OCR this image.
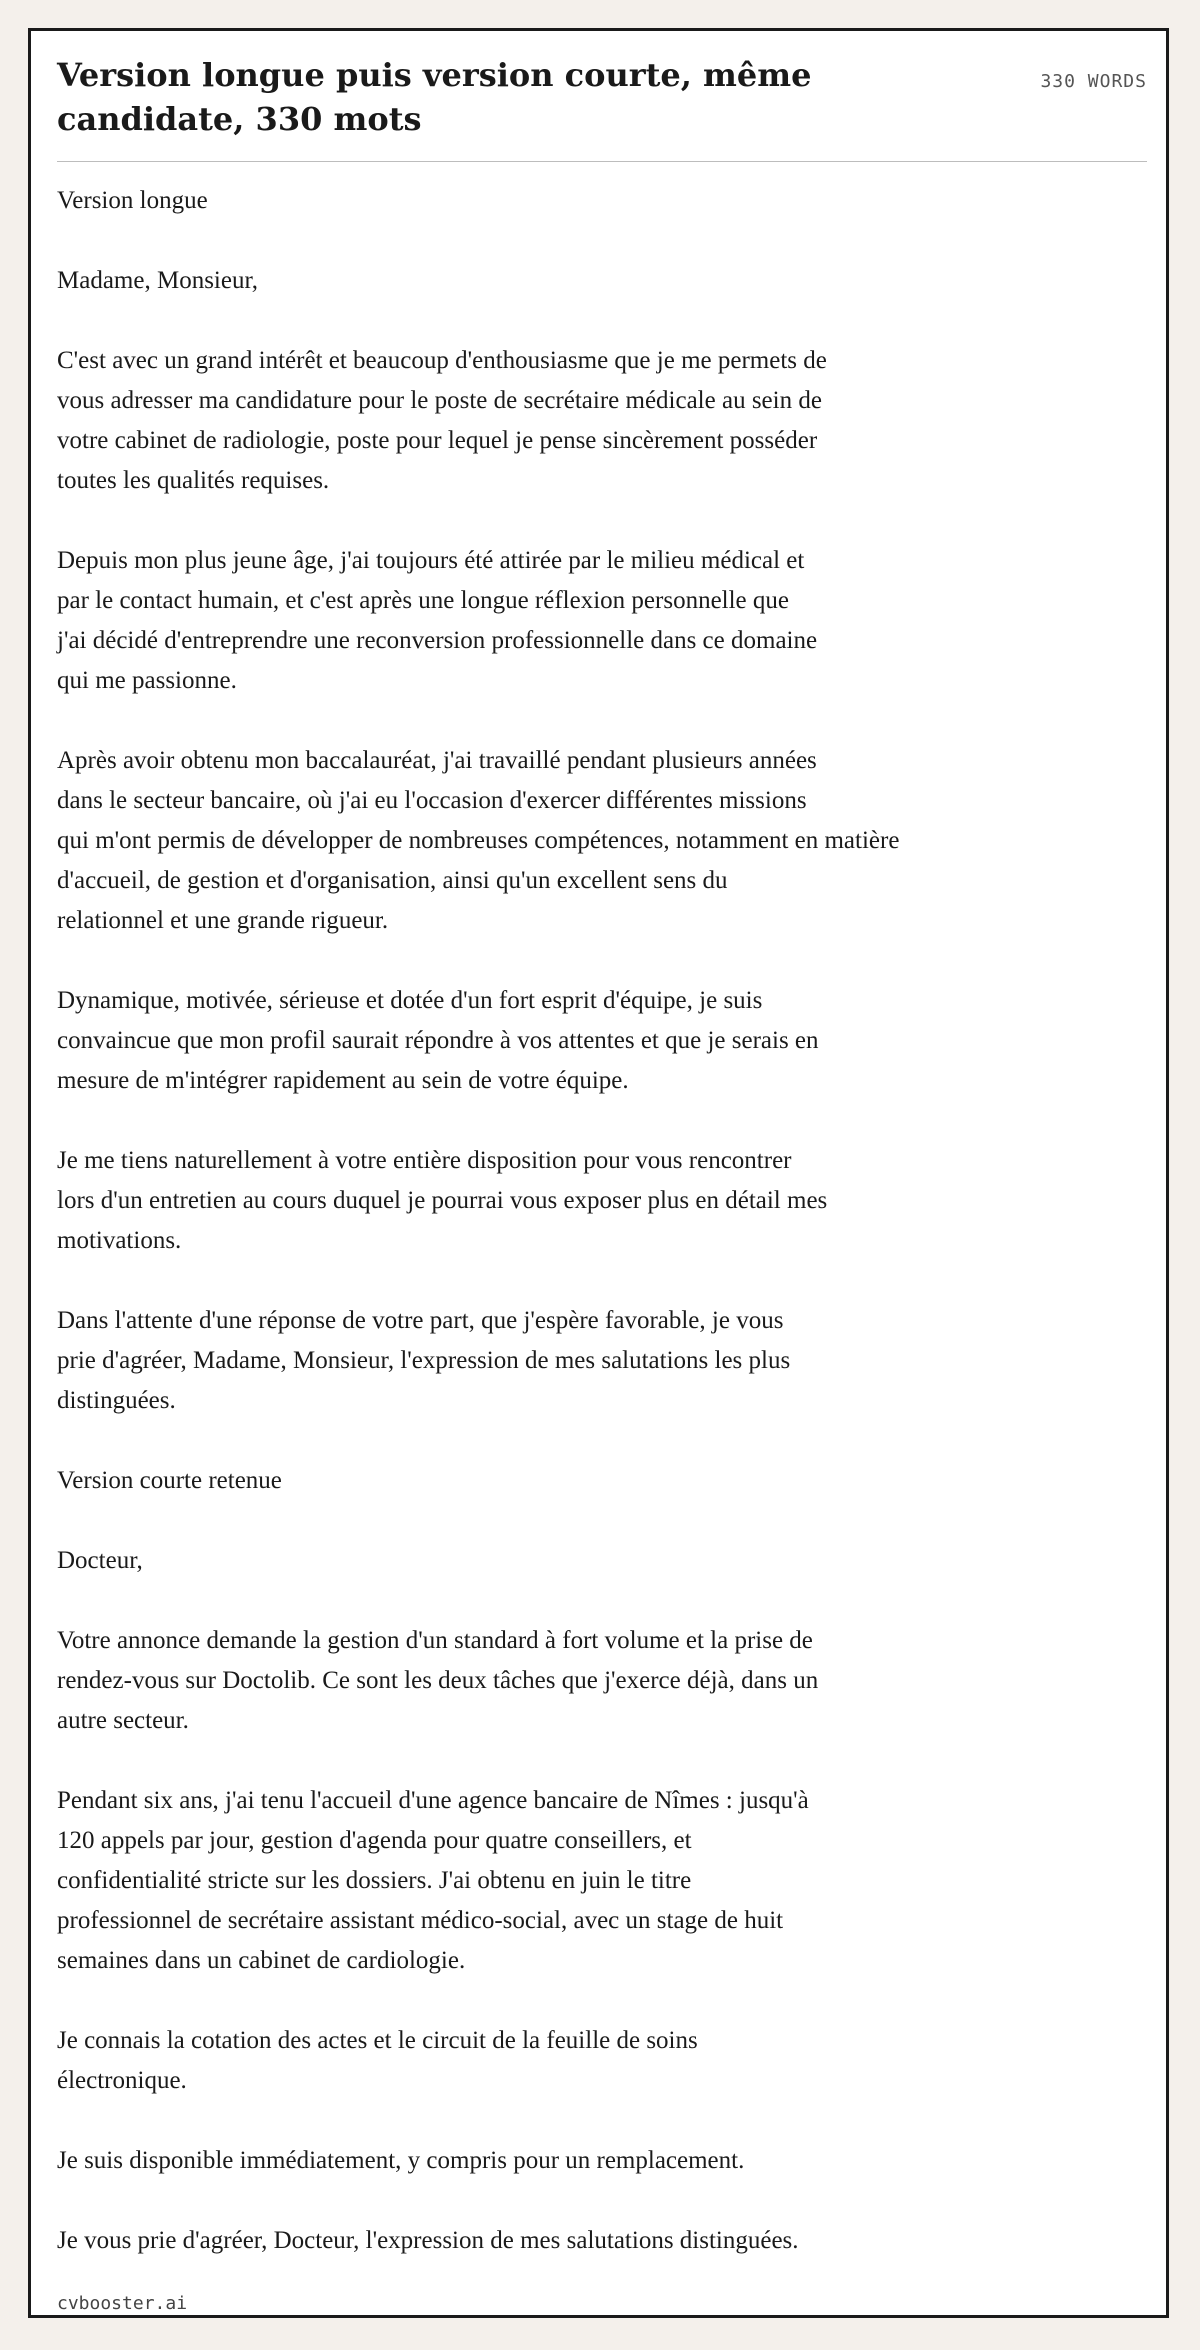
Version longue puis version courte, même candidate, 330 mots
330 WORDS

Version longue

Madame, Monsieur,

C'est avec un grand intérêt et beaucoup d'enthousiasme que je me permets de
vous adresser ma candidature pour le poste de secrétaire médicale au sein de
votre cabinet de radiologie, poste pour lequel je pense sincèrement posséder
toutes les qualités requises.

Depuis mon plus jeune âge, j'ai toujours été attirée par le milieu médical et
par le contact humain, et c'est après une longue réflexion personnelle que
j'ai décidé d'entreprendre une reconversion professionnelle dans ce domaine
qui me passionne.

Après avoir obtenu mon baccalauréat, j'ai travaillé pendant plusieurs années
dans le secteur bancaire, où j'ai eu l'occasion d'exercer différentes missions
qui m'ont permis de développer de nombreuses compétences, notamment en matière
d'accueil, de gestion et d'organisation, ainsi qu'un excellent sens du
relationnel et une grande rigueur.

Dynamique, motivée, sérieuse et dotée d'un fort esprit d'équipe, je suis
convaincue que mon profil saurait répondre à vos attentes et que je serais en
mesure de m'intégrer rapidement au sein de votre équipe.

Je me tiens naturellement à votre entière disposition pour vous rencontrer
lors d'un entretien au cours duquel je pourrai vous exposer plus en détail mes
motivations.

Dans l'attente d'une réponse de votre part, que j'espère favorable, je vous
prie d'agréer, Madame, Monsieur, l'expression de mes salutations les plus
distinguées.

Version courte retenue

Docteur,

Votre annonce demande la gestion d'un standard à fort volume et la prise de
rendez-vous sur Doctolib. Ce sont les deux tâches que j'exerce déjà, dans un
autre secteur.

Pendant six ans, j'ai tenu l'accueil d'une agence bancaire de Nîmes : jusqu'à
120 appels par jour, gestion d'agenda pour quatre conseillers, et
confidentialité stricte sur les dossiers. J'ai obtenu en juin le titre
professionnel de secrétaire assistant médico-social, avec un stage de huit
semaines dans un cabinet de cardiologie.

Je connais la cotation des actes et le circuit de la feuille de soins
électronique.

Je suis disponible immédiatement, y compris pour un remplacement.

Je vous prie d'agréer, Docteur, l'expression de mes salutations distinguées.

cvbooster.ai
